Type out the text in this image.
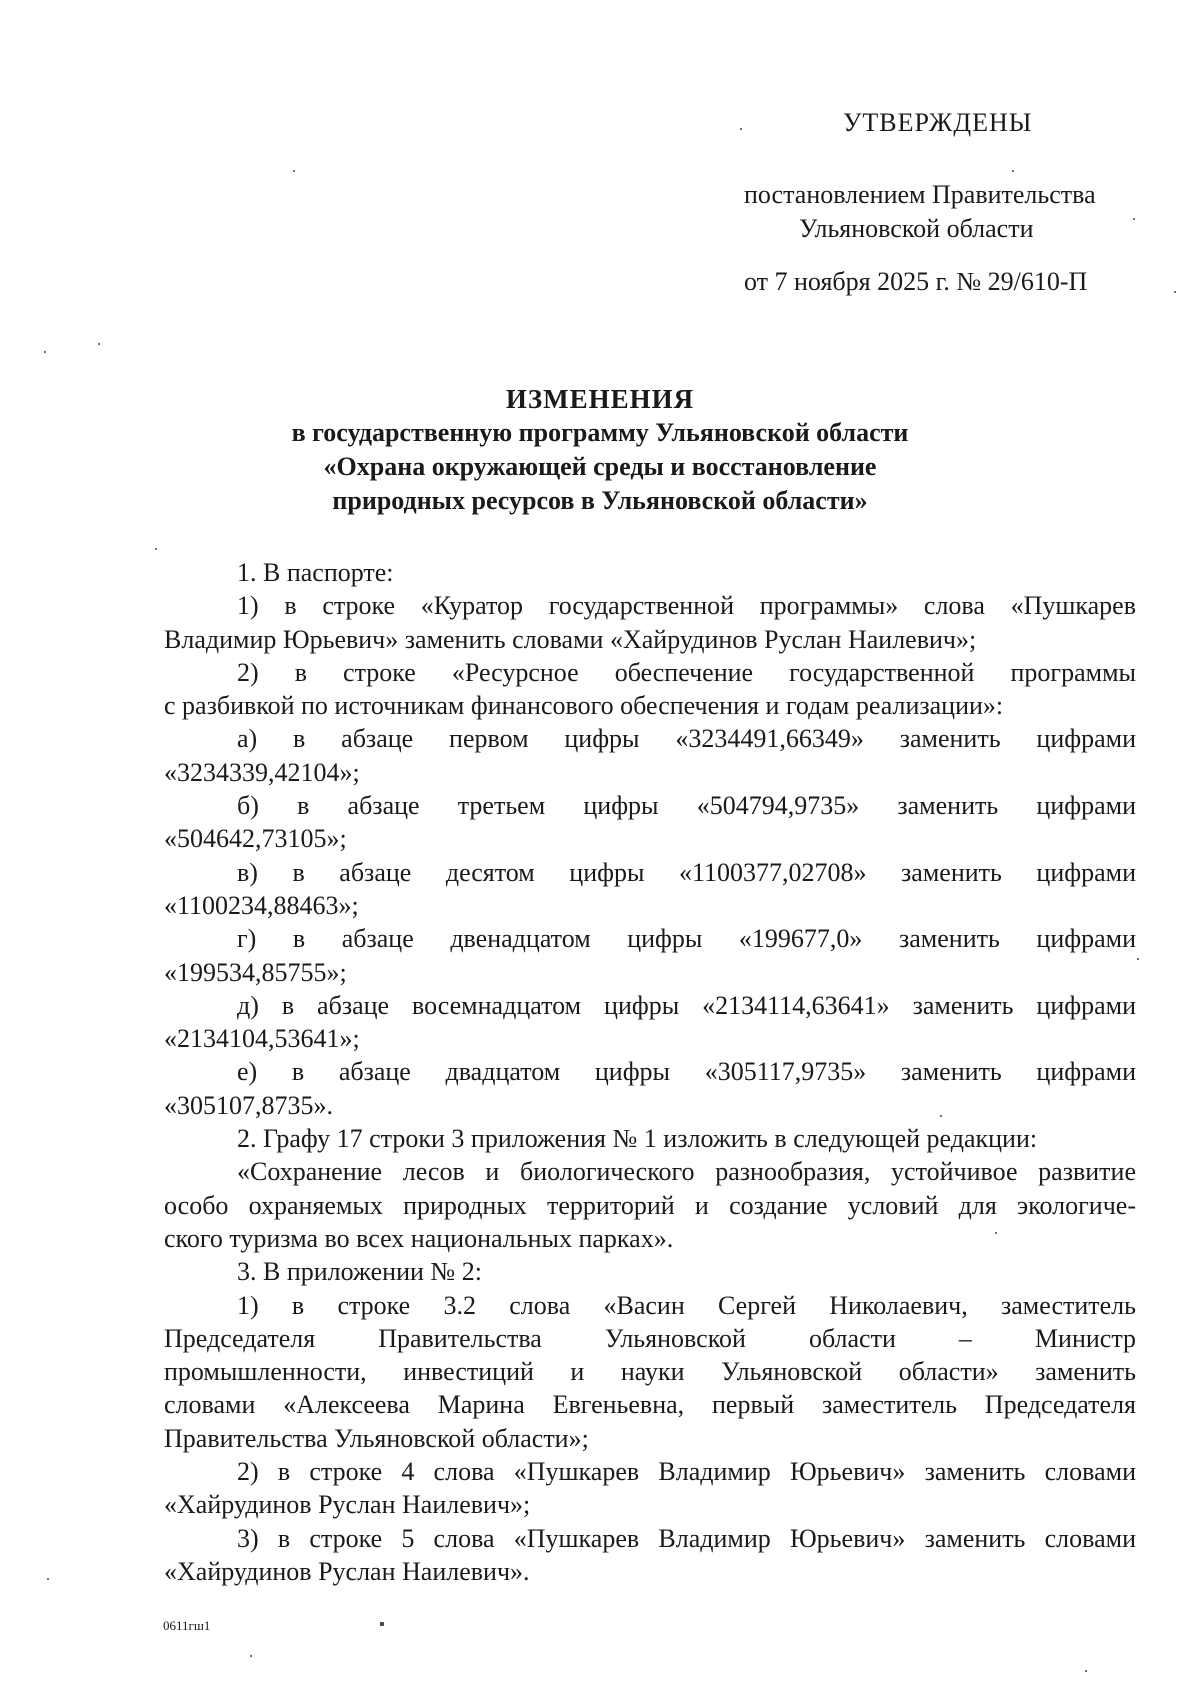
УТВЕРЖДЕНЫ
постановлением Правительства
Ульяновской области
от 7 ноября 2025 г. № 29/610-П
ИЗМЕНЕНИЯ
в государственную программу Ульяновской области
«Охрана окружающей среды и восстановление
природных ресурсов в Ульяновской области»
1. В паспорте:
1) в строке «Куратор государственной программы» слова «Пушкарев
Владимир Юрьевич» заменить словами «Хайрудинов Руслан Наилевич»;
2) в строке «Ресурсное обеспечение государственной программы
с разбивкой по источникам финансового обеспечения и годам реализации»:
а) в абзаце первом цифры «3234491,66349» заменить цифрами
«3234339,42104»;
б) в абзаце третьем цифры «504794,9735» заменить цифрами
«504642,73105»;
в) в абзаце десятом цифры «1100377,02708» заменить цифрами
«1100234,88463»;
г) в абзаце двенадцатом цифры «199677,0» заменить цифрами
«199534,85755»;
д) в абзаце восемнадцатом цифры «2134114,63641» заменить цифрами
«2134104,53641»;
е) в абзаце двадцатом цифры «305117,9735» заменить цифрами
«305107,8735».
2. Графу 17 строки 3 приложения № 1 изложить в следующей редакции:
«Сохранение лесов и биологического разнообразия, устойчивое развитие
особо охраняемых природных территорий и создание условий для экологиче-
ского туризма во всех национальных парках».
3. В приложении № 2:
1) в строке 3.2 слова «Васин Сергей Николаевич, заместитель
Председателя Правительства Ульяновской области – Министр
промышленности, инвестиций и науки Ульяновской области» заменить
словами «Алексеева Марина Евгеньевна, первый заместитель Председателя
Правительства Ульяновской области»;
2) в строке 4 слова «Пушкарев Владимир Юрьевич» заменить словами
«Хайрудинов Руслан Наилевич»;
3) в строке 5 слова «Пушкарев Владимир Юрьевич» заменить словами
«Хайрудинов Руслан Наилевич».
0611гш1
